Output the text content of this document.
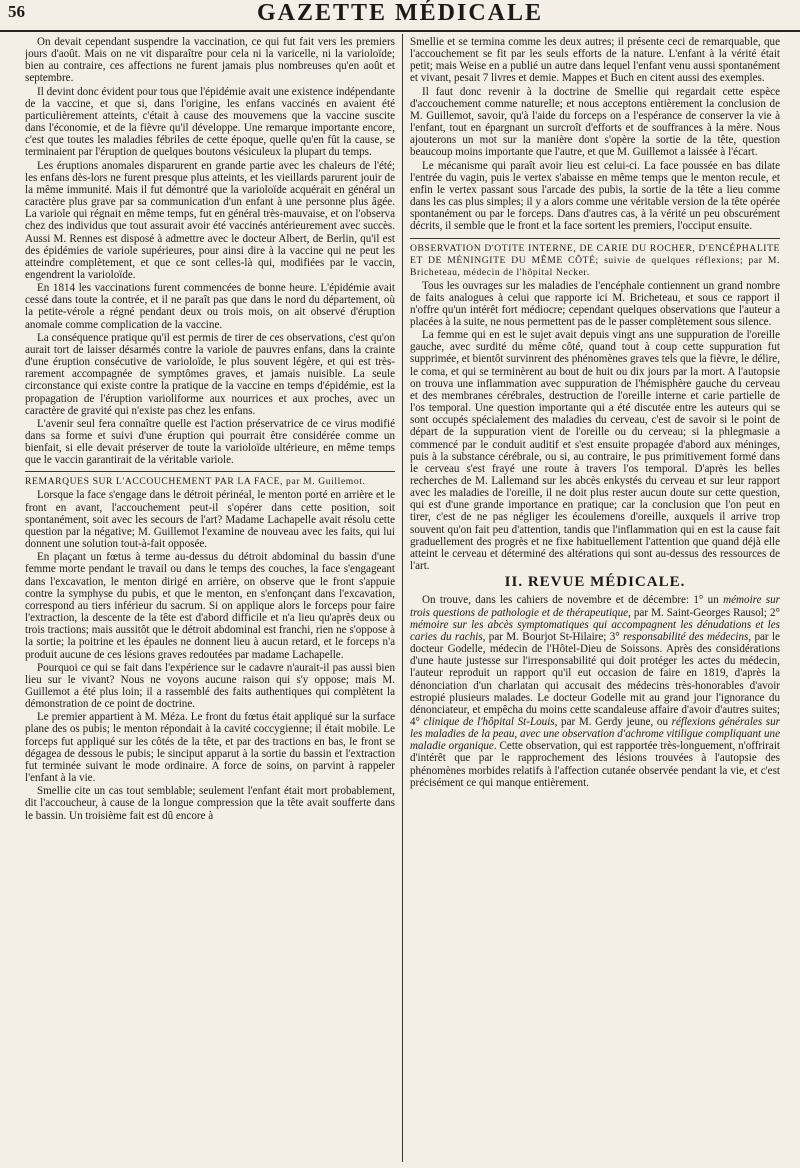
56	GAZETTE MÉDICALE

On devait cependant suspendre la vaccination, ce qui fut fait vers les premiers jours d'août. Mais on ne vit disparaître pour cela ni la varicelle, ni la varioloïde; bien au contraire, ces affections ne furent jamais plus nombreuses qu'en août et septembre.

Il devint donc évident pour tous que l'épidémie avait une existence indépendante de la vaccine, et que si, dans l'origine, les enfans vaccinés en avaient été particulièrement atteints, c'était à cause des mouvemens que la vaccine suscite dans l'économie, et de la fièvre qu'il développe. Une remarque importante encore, c'est que toutes les maladies fébriles de cette époque, quelle qu'en fût la cause, se terminaient par l'éruption de quelques boutons vésiculeux la plupart du temps.

Les éruptions anomales disparurent en grande partie avec les chaleurs de l'été; les enfans dès-lors ne furent presque plus atteints, et les vieillards parurent jouir de la même immunité. Mais il fut démontré que la varioloïde acquérait en général un caractère plus grave par sa communication d'un enfant à une personne plus âgée. La variole qui régnait en même temps, fut en général très-mauvaise, et on l'observa chez des individus que tout assurait avoir été vaccinés antérieurement avec succès. Aussi M. Rennes est disposé à admettre avec le docteur Albert, de Berlin, qu'il est des épidémies de variole supérieures, pour ainsi dire à la vaccine qui ne peut les atteindre complètement, et que ce sont celles-là qui, modifiées par le vaccin, engendrent la varioloïde.

En 1814 les vaccinations furent commencées de bonne heure. L'épidémie avait cessé dans toute la contrée, et il ne paraît pas que dans le nord du département, où la petite-vérole a régné pendant deux ou trois mois, on ait observé d'éruption anomale comme complication de la vaccine.

La conséquence pratique qu'il est permis de tirer de ces observations, c'est qu'on aurait tort de laisser désarmés contre la variole de pauvres enfans, dans la crainte d'une éruption consécutive de varioloïde, le plus souvent légère, et qui est très-rarement accompagnée de symptômes graves, et jamais nuisible. La seule circonstance qui existe contre la pratique de la vaccine en temps d'épidémie, est la propagation de l'éruption varioliforme aux nourrices et aux proches, avec un caractère de gravité qui n'existe pas chez les enfans.

L'avenir seul fera connaître quelle est l'action préservatrice de ce virus modifié dans sa forme et suivi d'une éruption qui pourrait être considérée comme un bienfait, si elle devait préserver de toute la varioloïde ultérieure, en même temps que le vaccin garantirait de la véritable variole.

REMARQUES SUR L'ACCOUCHEMENT PAR LA FACE, par M. Guillemot.

Lorsque la face s'engage dans le détroit périnéal, le menton porté en arrière et le front en avant, l'accouchement peut-il s'opérer dans cette position, soit spontanément, soit avec les secours de l'art? Madame Lachapelle avait résolu cette question par la négative; M. Guillemot l'examine de nouveau avec les faits, qui lui donnent une solution tout-à-fait opposée.

En plaçant un fœtus à terme au-dessus du détroit abdominal du bassin d'une femme morte pendant le travail ou dans le temps des couches, la face s'engageant dans l'excavation, le menton dirigé en arrière, on observe que le front s'appuie contre la symphyse du pubis, et que le menton, en s'enfonçant dans l'excavation, correspond au tiers inférieur du sacrum. Si on applique alors le forceps pour faire l'extraction, la descente de la tête est d'abord difficile et n'a lieu qu'après deux ou trois tractions; mais aussitôt que le détroit abdominal est franchi, rien ne s'oppose à la sortie; la poitrine et les épaules ne donnent lieu à aucun retard, et le forceps n'a produit aucune de ces lésions graves redoutées par madame Lachapelle.

Pourquoi ce qui se fait dans l'expérience sur le cadavre n'aurait-il pas aussi bien lieu sur le vivant? Nous ne voyons aucune raison qui s'y oppose; mais M. Guillemot a été plus loin; il a rassemblé des faits authentiques qui complètent la démonstration de ce point de doctrine.

Le premier appartient à M. Méza. Le front du fœtus était appliqué sur la surface plane des os pubis; le menton répondait à la cavité coccygienne; il était mobile. Le forceps fut appliqué sur les côtés de la tête, et par des tractions en bas, le front se dégagea de dessous le pubis; le sinciput apparut à la sortie du bassin et l'extraction fut terminée suivant le mode ordinaire. A force de soins, on parvint à rappeler l'enfant à la vie.

Smellie cite un cas tout semblable; seulement l'enfant était mort probablement, dit l'accoucheur, à cause de la longue compression que la tête avait soufferte dans le bassin. Un troisième fait est dû encore à

Smellie et se termina comme les deux autres; il présente ceci de remarquable, que l'accouchement se fit par les seuls efforts de la nature. L'enfant à la vérité était petit; mais Weise en a publié un autre dans lequel l'enfant venu aussi spontanément et vivant, pesait 7 livres et demie. Mappes et Buch en citent aussi des exemples.

Il faut donc revenir à la doctrine de Smellie qui regardait cette espèce d'accouchement comme naturelle; et nous acceptons entièrement la conclusion de M. Guillemot, savoir, qu'à l'aide du forceps on a l'espérance de conserver la vie à l'enfant, tout en épargnant un surcroît d'efforts et de souffrances à la mère. Nous ajouterons un mot sur la manière dont s'opère la sortie de la tête, question beaucoup moins importante que l'autre, et que M. Guillemot a laissée à l'écart.

Le mécanisme qui paraît avoir lieu est celui-ci. La face poussée en bas dilate l'entrée du vagin, puis le vertex s'abaisse en même temps que le menton recule, et enfin le vertex passant sous l'arcade des pubis, la sortie de la tête a lieu comme dans les cas plus simples; il y a alors comme une véritable version de la tête opérée spontanément ou par le forceps. Dans d'autres cas, à la vérité un peu obscurément décrits, il semble que le front et la face sortent les premiers, l'occiput ensuite.

OBSERVATION D'OTITE INTERNE, DE CARIE DU ROCHER, D'ENCÉPHALITE ET DE MÉNINGITE DU MÊME CÔTÉ; suivie de quelques réflexions; par M. Bricheteau, médecin de l'hôpital Necker.

Tous les ouvrages sur les maladies de l'encéphale contiennent un grand nombre de faits analogues à celui que rapporte ici M. Bricheteau, et sous ce rapport il n'offre qu'un intérêt fort médiocre; cependant quelques observations que l'auteur a placées à la suite, ne nous permettent pas de le passer complètement sous silence.

La femme qui en est le sujet avait depuis vingt ans une suppuration de l'oreille gauche, avec surdité du même côté, quand tout à coup cette suppuration fut supprimée, et bientôt survinrent des phénomènes graves tels que la fièvre, le délire, le coma, et qui se terminèrent au bout de huit ou dix jours par la mort. A l'autopsie on trouva une inflammation avec suppuration de l'hémisphère gauche du cerveau et des membranes cérébrales, destruction de l'oreille interne et carie partielle de l'os temporal. Une question importante qui a été discutée entre les auteurs qui se sont occupés spécialement des maladies du cerveau, c'est de savoir si le point de départ de la suppuration vient de l'oreille ou du cerveau; si la phlegmasie a commencé par le conduit auditif et s'est ensuite propagée d'abord aux méninges, puis à la substance cérébrale, ou si, au contraire, le pus primitivement formé dans le cerveau s'est frayé une route à travers l'os temporal. D'après les belles recherches de M. Lallemand sur les abcès enkystés du cerveau et sur leur rapport avec les maladies de l'oreille, il ne doit plus rester aucun doute sur cette question, qui est d'une grande importance en pratique; car la conclusion que l'on peut en tirer, c'est de ne pas négliger les écoulemens d'oreille, auxquels il arrive trop souvent qu'on fait peu d'attention, tandis que l'inflammation qui en est la cause fait graduellement des progrès et ne fixe habituellement l'attention que quand déjà elle atteint le cerveau et déterminé des altérations qui sont au-dessus des ressources de l'art.

II. REVUE MÉDICALE.

On trouve, dans les cahiers de novembre et de décembre: 1° un mémoire sur trois questions de pathologie et de thérapeutique, par M. Saint-Georges Rausol; 2° mémoire sur les abcès symptomatiques qui accompagnent les dénudations et les caries du rachis, par M. Bourjot St-Hilaire; 3° responsabilité des médecins, par le docteur Godelle, médecin de l'Hôtel-Dieu de Soissons. Après des considérations d'une haute justesse sur l'irresponsabilité qui doit protéger les actes du médecin, l'auteur reproduit un rapport qu'il eut occasion de faire en 1819, d'après la dénonciation d'un charlatan qui accusait des médecins très-honorables d'avoir estropié plusieurs malades. Le docteur Godelle mit au grand jour l'ignorance du dénonciateur, et empêcha du moins cette scandaleuse affaire d'avoir d'autres suites; 4° clinique de l'hôpital St-Louis, par M. Gerdy jeune, ou réflexions générales sur les maladies de la peau, avec une observation d'achrome vitiligue compliquant une maladie organique. Cette observation, qui est rapportée très-longuement, n'offrirait d'intérêt que par le rapprochement des lésions trouvées à l'autopsie des phénomènes morbides relatifs à l'affection cutanée observée pendant la vie, et c'est précisément ce qui manque entièrement.
